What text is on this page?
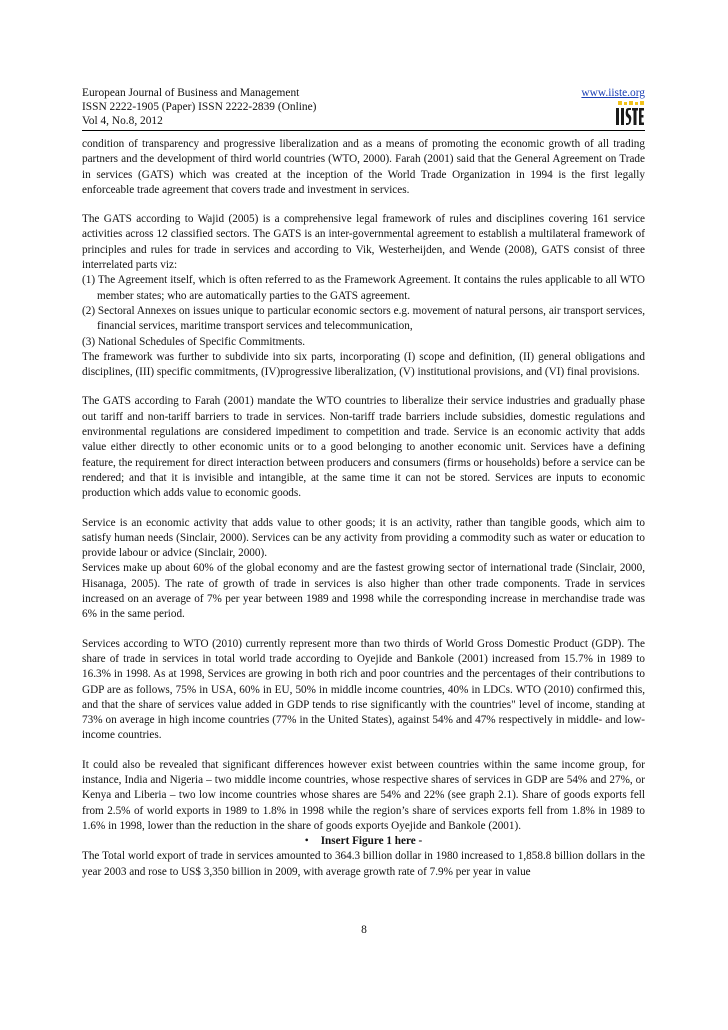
European Journal of Business and Management
ISSN 2222-1905 (Paper) ISSN 2222-2839 (Online)
Vol 4, No.8, 2012
www.iiste.org

condition of transparency and progressive liberalization and as a means of promoting the economic growth of all trading partners and the development of third world countries (WTO, 2000). Farah (2001) said that the General Agreement on Trade in services (GATS) which was created at the inception of the World Trade Organization in 1994 is the first legally enforceable trade agreement that covers trade and investment in services.

The GATS according to Wajid (2005) is a comprehensive legal framework of rules and disciplines covering 161 service activities across 12 classified sectors. The GATS is an inter-governmental agreement to establish a multilateral framework of principles and rules for trade in services and according to Vik, Westerheijden, and Wende (2008), GATS consist of three interrelated parts viz:

(1) The Agreement itself, which is often referred to as the Framework Agreement. It contains the rules applicable to all WTO member states; who are automatically parties to the GATS agreement.

(2) Sectoral Annexes on issues unique to particular economic sectors e.g. movement of natural persons, air transport services, financial services, maritime transport services and telecommunication,

(3) National Schedules of Specific Commitments.

The framework was further to subdivide into six parts, incorporating (I) scope and definition, (II) general obligations and disciplines, (III) specific commitments, (IV)progressive liberalization, (V) institutional provisions, and (VI) final provisions.

The GATS according to Farah (2001) mandate the WTO countries to liberalize their service industries and gradually phase out tariff and non-tariff barriers to trade in services. Non-tariff trade barriers include subsidies, domestic regulations and environmental regulations are considered impediment to competition and trade. Service is an economic activity that adds value either directly to other economic units or to a good belonging to another economic unit. Services have a defining feature, the requirement for direct interaction between producers and consumers (firms or households) before a service can be rendered; and that it is invisible and intangible, at the same time it can not be stored. Services are inputs to economic production which adds value to economic goods.

Service is an economic activity that adds value to other goods; it is an activity, rather than tangible goods, which aim to satisfy human needs (Sinclair, 2000). Services can be any activity from providing a commodity such as water or education to provide labour or advice (Sinclair, 2000).

Services make up about 60% of the global economy and are the fastest growing sector of international trade (Sinclair, 2000, Hisanaga, 2005). The rate of growth of trade in services is also higher than other trade components. Trade in services increased on an average of 7% per year between 1989 and 1998 while the corresponding increase in merchandise trade was 6% in the same period.

Services according to WTO (2010) currently represent more than two thirds of World Gross Domestic Product (GDP). The share of trade in services in total world trade according to Oyejide and Bankole (2001) increased from 15.7% in 1989 to 16.3% in 1998. As at 1998, Services are growing in both rich and poor countries and the percentages of their contributions to GDP are as follows, 75% in USA, 60% in EU, 50% in middle income countries, 40% in LDCs. WTO (2010) confirmed this, and that the share of services value added in GDP tends to rise significantly with the countries" level of income, standing at 73% on average in high income countries (77% in the United States), against 54% and 47% respectively in middle- and low- income countries.

It could also be revealed that significant differences however exist between countries within the same income group, for instance, India and Nigeria – two middle income countries, whose respective shares of services in GDP are 54% and 27%, or Kenya and Liberia – two low income countries whose shares are 54% and 22% (see graph 2.1). Share of goods exports fell from 2.5% of world exports in 1989 to 1.8% in 1998 while the region’s share of services exports fell from 1.8% in 1989 to 1.6% in 1998, lower than the reduction in the share of goods exports Oyejide and Bankole (2001).

• Insert Figure 1 here -

The Total world export of trade in services amounted to 364.3 billion dollar in 1980 increased to 1,858.8 billion dollars in the year 2003 and rose to US$ 3,350 billion in 2009, with average growth rate of 7.9% per year in value

8
